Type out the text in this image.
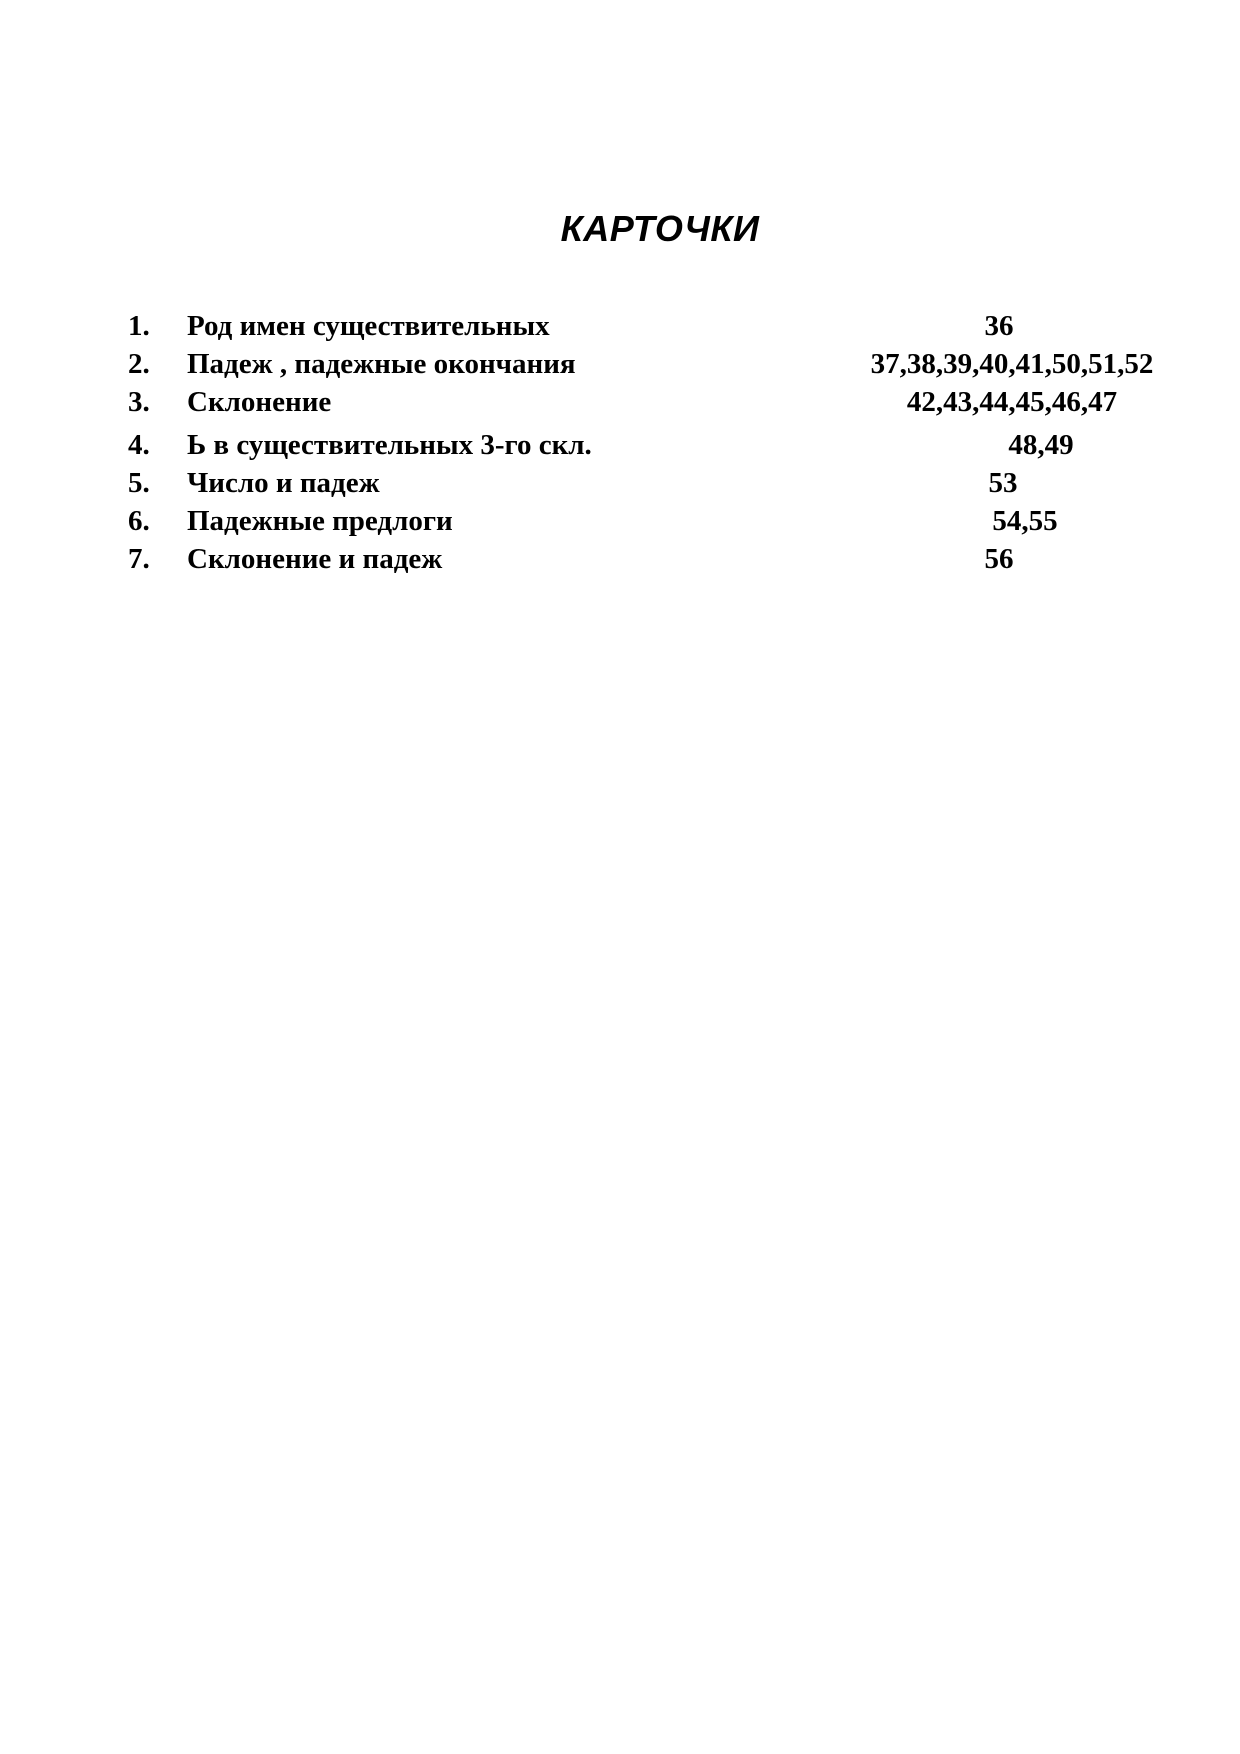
КАРТОЧКИ
1. Род имен существительных	36
2. Падеж , падежные окончания	37,38,39,40,41,50,51,52
3. Склонение	42,43,44,45,46,47
4. Ь в существительных 3-го скл.	48,49
5. Число и падеж	53
6. Падежные предлоги	54,55
7. Склонение и падеж	56
